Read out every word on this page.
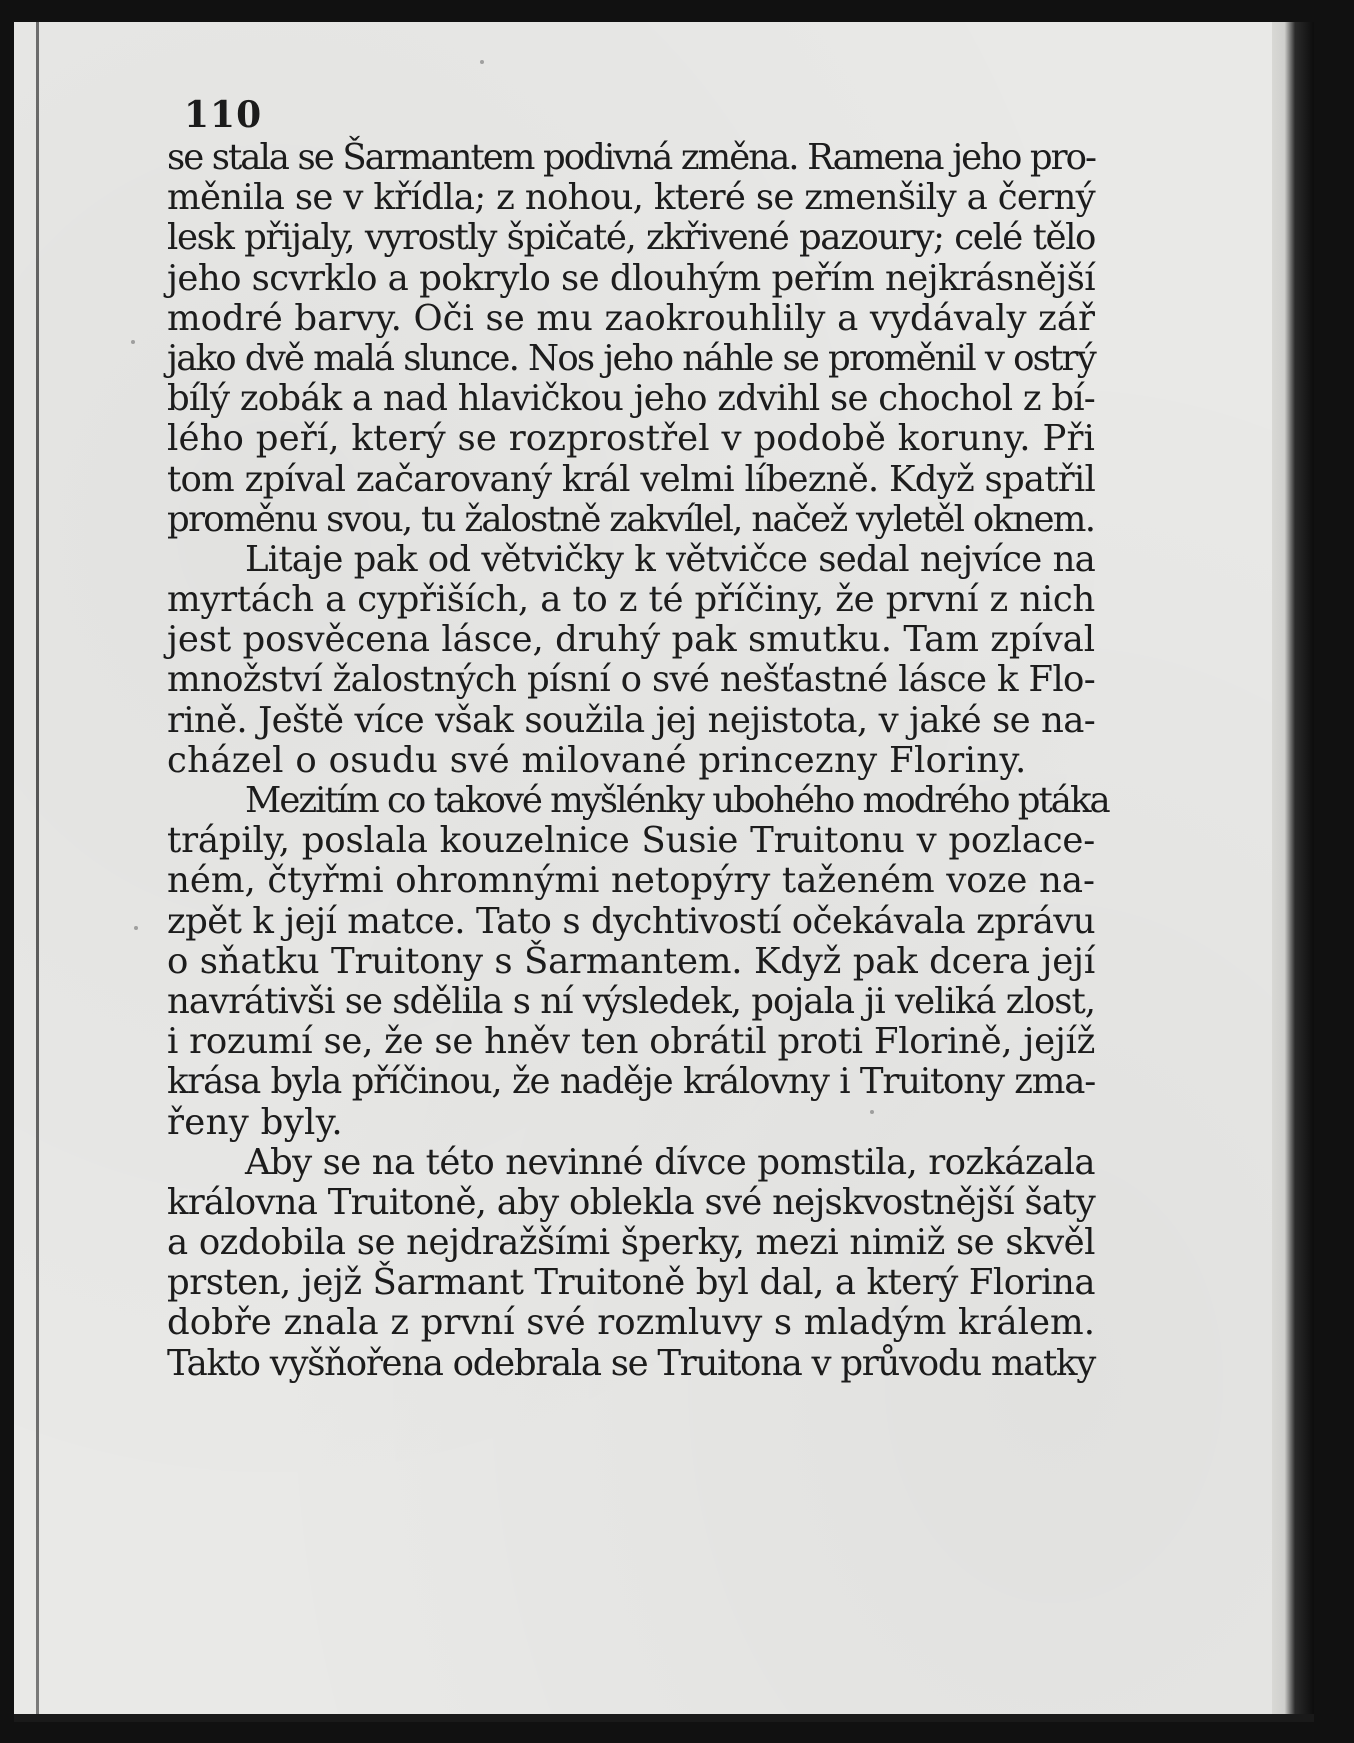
110
se stala se Šarmantem podivná změna. Ramena jeho pro-
měnila se v křídla; z nohou, které se zmenšily a černý
lesk přijaly, vyrostly špičaté, zkřivené pazoury; celé tělo
jeho scvrklo a pokrylo se dlouhým peřím nejkrásnější
modré barvy. Oči se mu zaokrouhlily a vydávaly zář
jako dvě malá slunce. Nos jeho náhle se proměnil v ostrý
bílý zobák a nad hlavičkou jeho zdvihl se chochol z bí-
lého peří, který se rozprostřel v podobě koruny. Při
tom zpíval začarovaný král velmi líbezně. Když spatřil
proměnu svou, tu žalostně zakvílel, načež vyletěl oknem.
Litaje pak od větvičky k větvičce sedal nejvíce na
myrtách a cypřiších, a to z té příčiny, že první z nich
jest posvěcena lásce, druhý pak smutku. Tam zpíval
množství žalostných písní o své nešťastné lásce k Flo-
rině. Ještě více však soužila jej nejistota, v jaké se na-
cházel o osudu své milované princezny Floriny.
Mezitím co takové myšlénky ubohého modrého ptáka
trápily, poslala kouzelnice Susie Truitonu v pozlace-
ném, čtyřmi ohromnými netopýry taženém voze na-
zpět k její matce. Tato s dychtivostí očekávala zprávu
o sňatku Truitony s Šarmantem. Když pak dcera její
navrátivši se sdělila s ní výsledek, pojala ji veliká zlost,
i rozumí se, že se hněv ten obrátil proti Florině, jejíž
krása byla příčinou, že naděje královny i Truitony zma-
řeny byly.
Aby se na této nevinné dívce pomstila, rozkázala
královna Truitoně, aby oblekla své nejskvostnější šaty
a ozdobila se nejdražšími šperky, mezi nimiž se skvěl
prsten, jejž Šarmant Truitoně byl dal, a který Florina
dobře znala z první své rozmluvy s mladým králem.
Takto vyšňořena odebrala se Truitona v průvodu matky
